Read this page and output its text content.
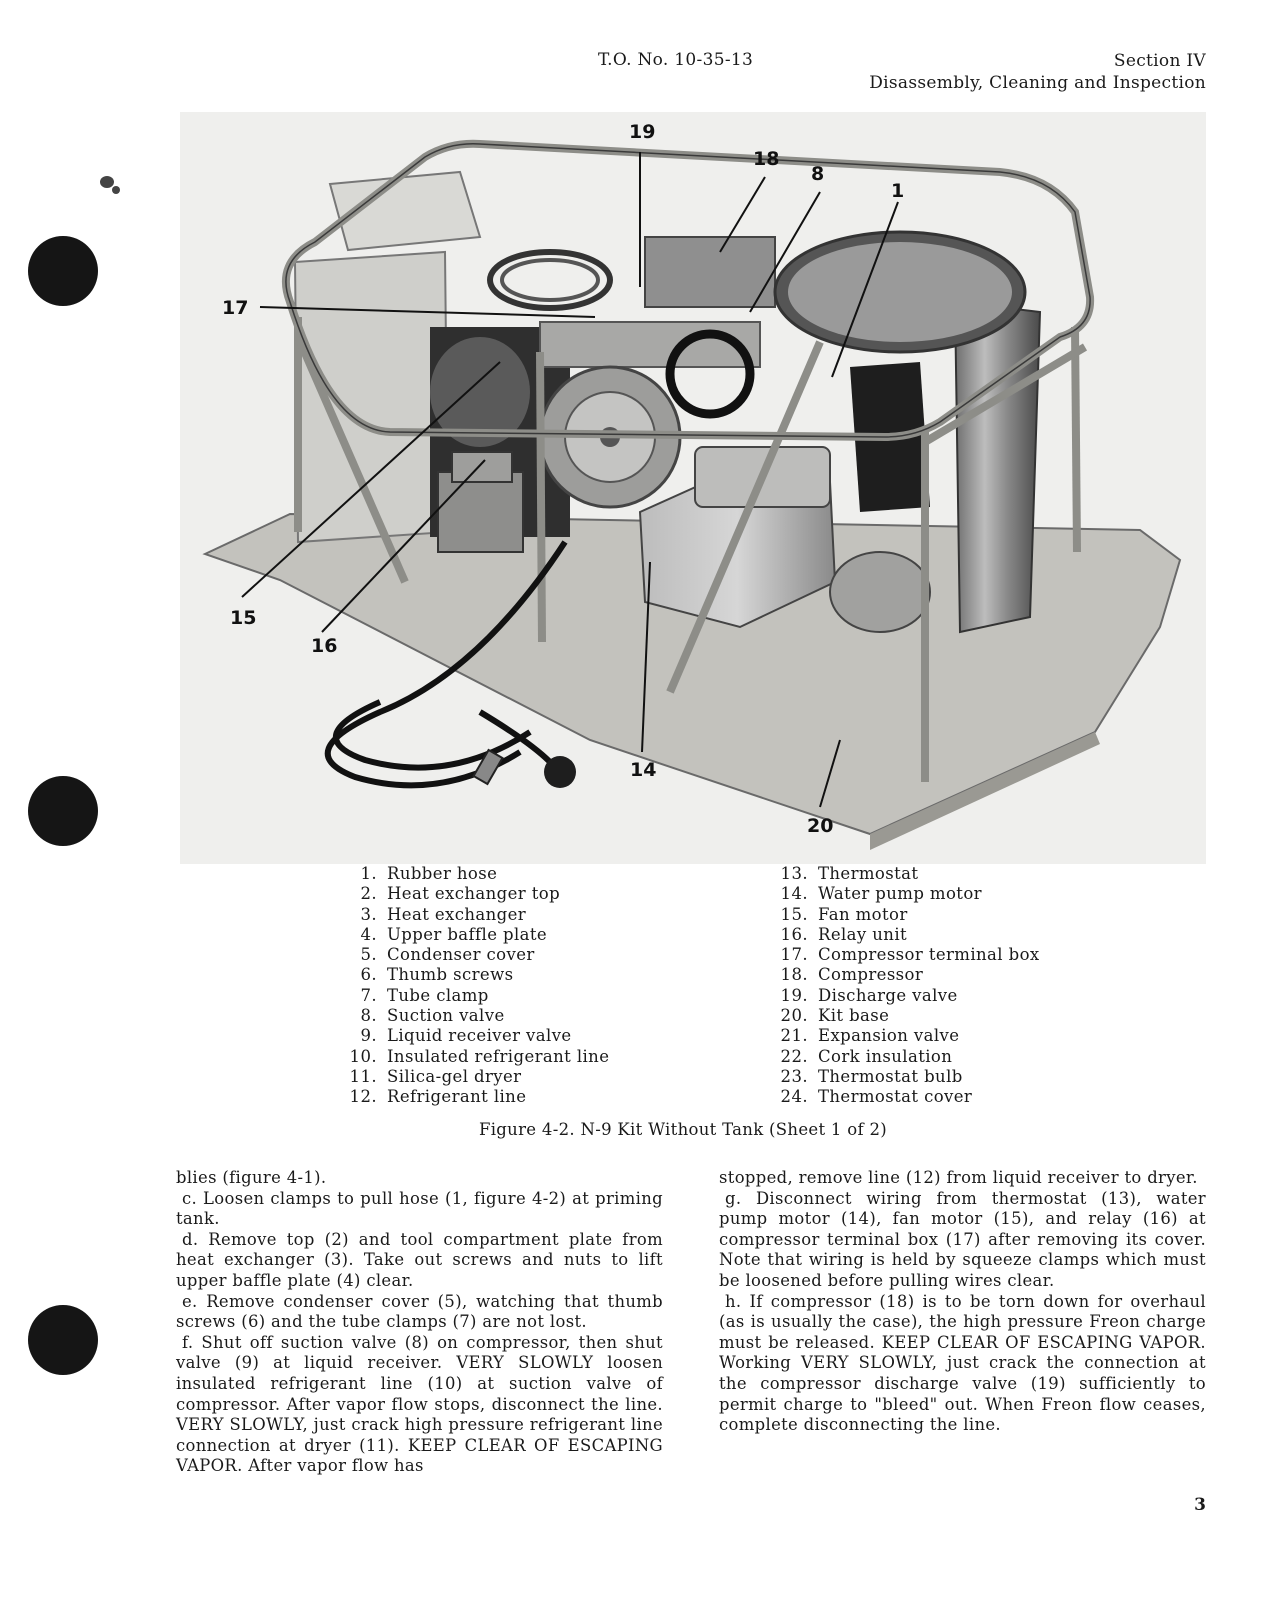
T.O. No. 10-35-13	Section IV
Disassembly, Cleaning and Inspection
19
18
8
1
17
15
16
14
20
1. Rubber hose
2. Heat exchanger top
3. Heat exchanger
4. Upper baffle plate
5. Condenser cover
6. Thumb screws
7. Tube clamp
8. Suction valve
9. Liquid receiver valve
10. Insulated refrigerant line
11. Silica-gel dryer
12. Refrigerant line
13. Thermostat
14. Water pump motor
15. Fan motor
16. Relay unit
17. Compressor terminal box
18. Compressor
19. Discharge valve
20. Kit base
21. Expansion valve
22. Cork insulation
23. Thermostat bulb
24. Thermostat cover
Figure 4-2. N-9 Kit Without Tank (Sheet 1 of 2)

blies (figure 4-1).

c. Loosen clamps to pull hose (1, figure 4-2) at priming tank.

d. Remove top (2) and tool compartment plate from heat exchanger (3). Take out screws and nuts to lift upper baffle plate (4) clear.

e. Remove condenser cover (5), watching that thumb screws (6) and the tube clamps (7) are not lost.

f. Shut off suction valve (8) on compressor, then shut valve (9) at liquid receiver. VERY SLOWLY loosen insulated refrigerant line (10) at suction valve of compressor. After vapor flow stops, disconnect the line. VERY SLOWLY, just crack high pressure refrigerant line connection at dryer (11). KEEP CLEAR OF ESCAPING VAPOR. After vapor flow has

stopped, remove line (12) from liquid receiver to dryer.

g. Disconnect wiring from thermostat (13), water pump motor (14), fan motor (15), and relay (16) at compressor terminal box (17) after removing its cover. Note that wiring is held by squeeze clamps which must be loosened before pulling wires clear.

h. If compressor (18) is to be torn down for overhaul (as is usually the case), the high pressure Freon charge must be released. KEEP CLEAR OF ESCAPING VAPOR. Working VERY SLOWLY, just crack the connection at the compressor discharge valve (19) sufficiently to permit charge to "bleed" out. When Freon flow ceases, complete disconnecting the line.

3
